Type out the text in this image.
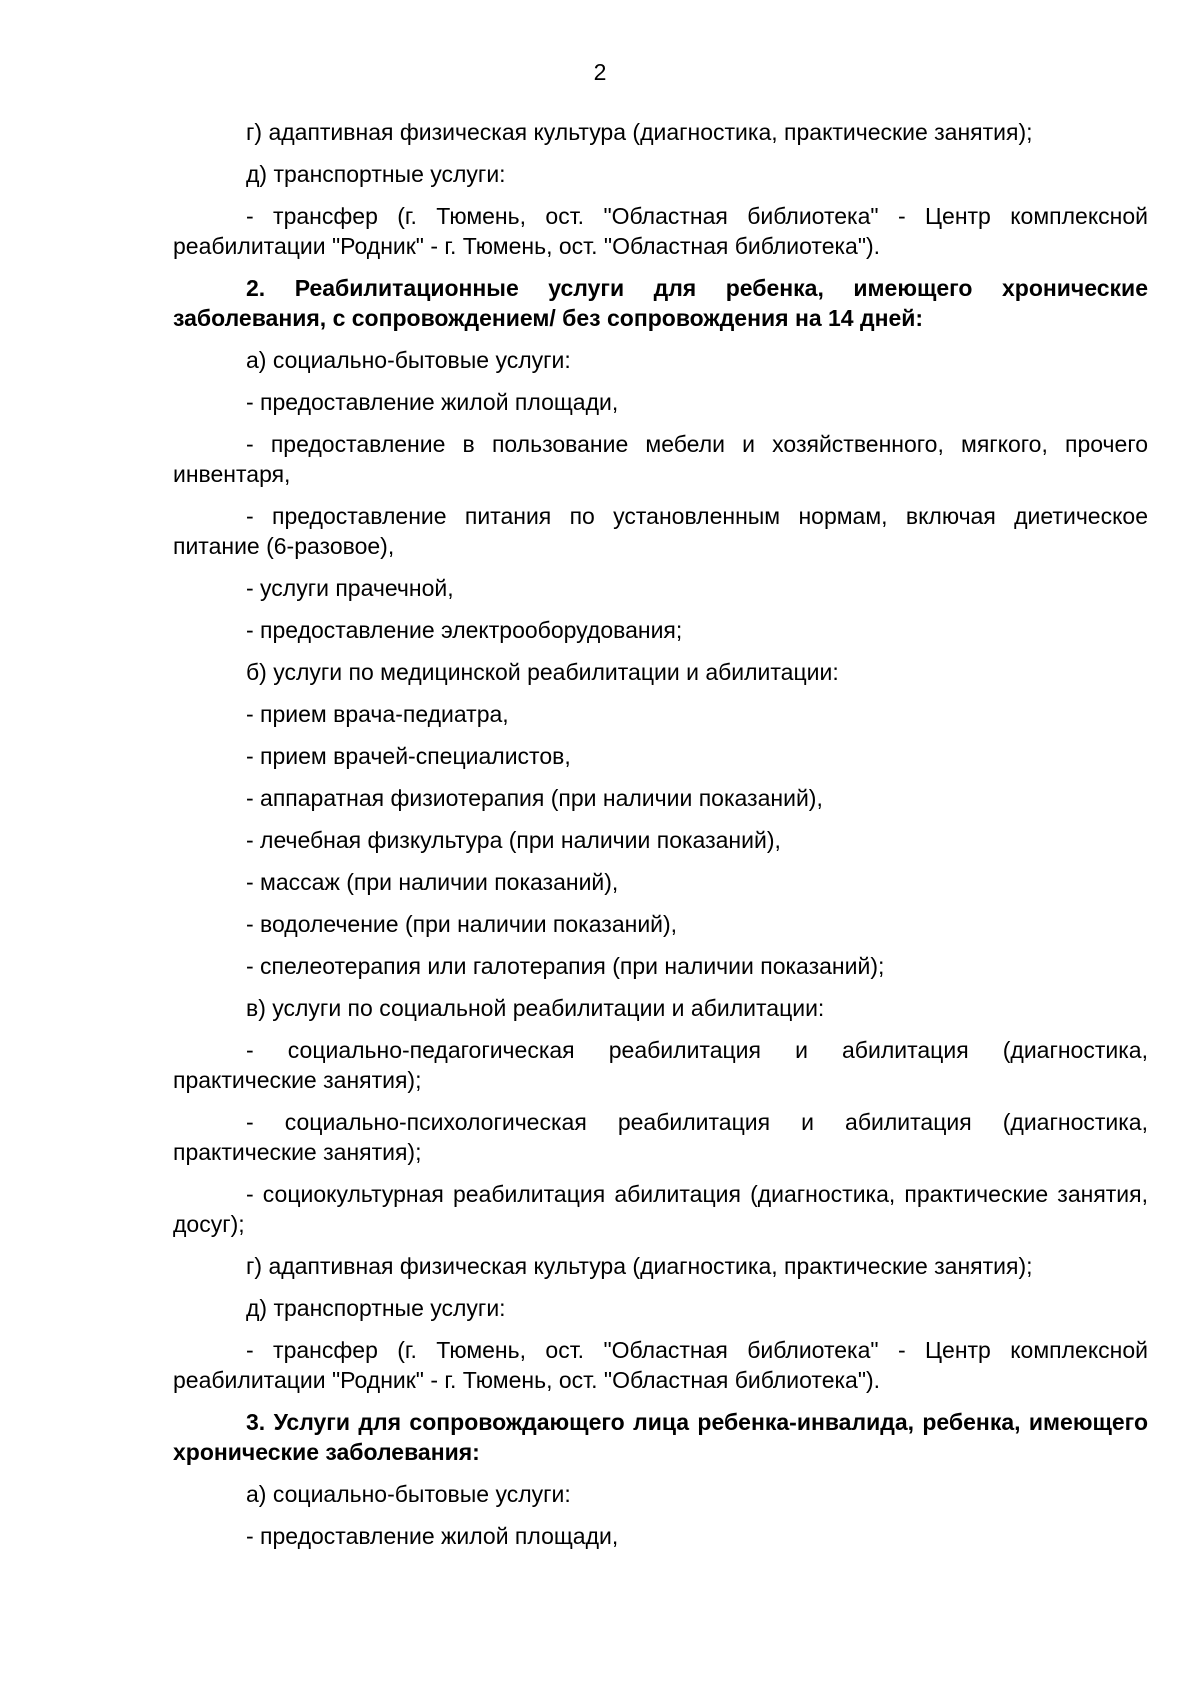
2

г) адаптивная физическая культура (диагностика, практические занятия);

д) транспортные услуги:

- трансфер (г. Тюмень, ост. "Областная библиотека" - Центр комплексной реабилитации "Родник" - г. Тюмень, ост. "Областная библиотека").

2. Реабилитационные услуги для ребенка, имеющего хронические заболевания, с сопровождением/ без сопровождения на 14 дней:

а) социально-бытовые услуги:

- предоставление жилой площади,

- предоставление в пользование мебели и хозяйственного, мягкого, прочего инвентаря,

- предоставление питания по установленным нормам, включая диетическое питание (6-разовое),

- услуги прачечной,

- предоставление электрооборудования;

б) услуги по медицинской реабилитации и абилитации:

- прием врача-педиатра,

- прием врачей-специалистов,

- аппаратная физиотерапия (при наличии показаний),

- лечебная физкультура (при наличии показаний),

- массаж (при наличии показаний),

- водолечение (при наличии показаний),

- спелеотерапия или галотерапия (при наличии показаний);

в) услуги по социальной реабилитации и абилитации:

- социально-педагогическая реабилитация и абилитация (диагностика, практические занятия);

- социально-психологическая реабилитация и абилитация (диагностика, практические занятия);

- социокультурная реабилитация абилитация (диагностика, практические занятия, досуг);

г) адаптивная физическая культура (диагностика, практические занятия);

д) транспортные услуги:

- трансфер (г. Тюмень, ост. "Областная библиотека" - Центр комплексной реабилитации "Родник" - г. Тюмень, ост. "Областная библиотека").

3. Услуги для сопровождающего лица ребенка-инвалида, ребенка, имеющего хронические заболевания:

а) социально-бытовые услуги:

- предоставление жилой площади,
